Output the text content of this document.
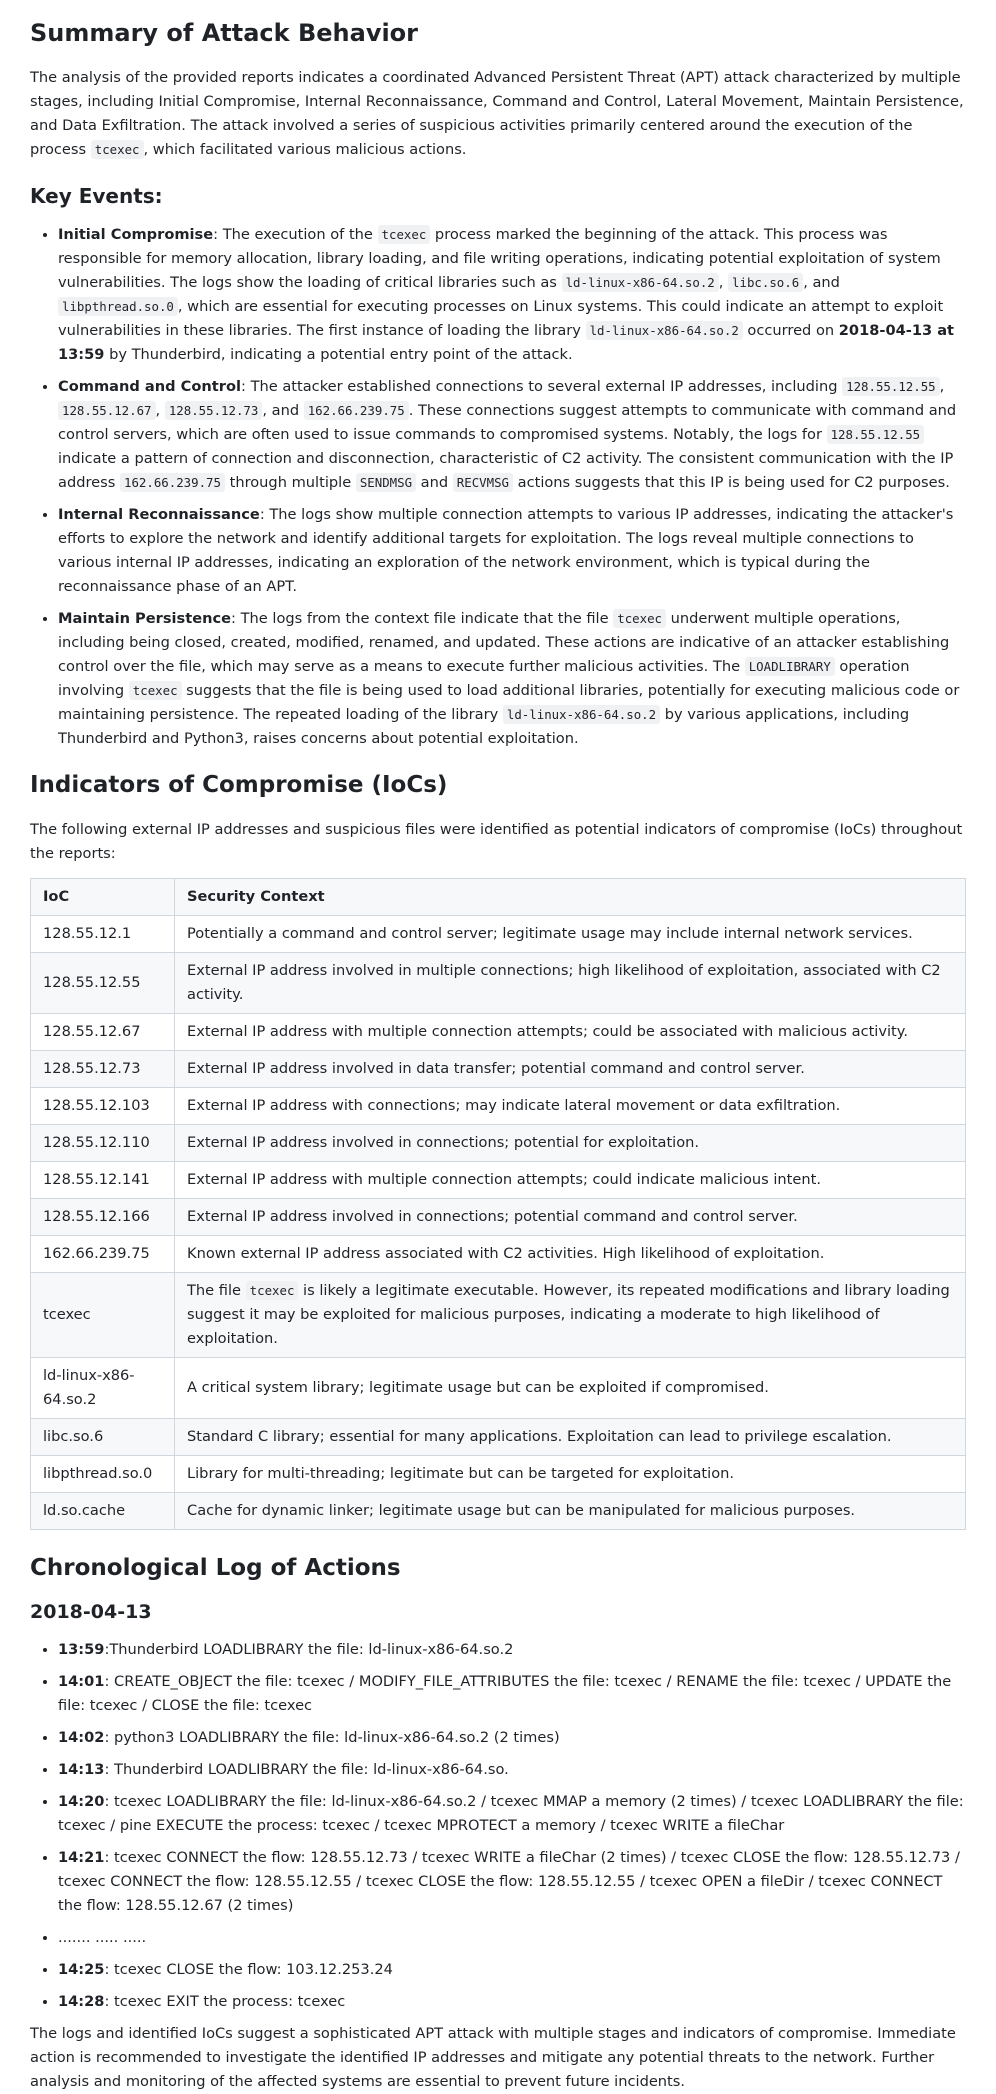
Summary of Attack Behavior

The analysis of the provided reports indicates a coordinated Advanced Persistent Threat (APT) attack characterized by multiple stages, including Initial Compromise, Internal Reconnaissance, Command and Control, Lateral Movement, Maintain Persistence, and Data Exfiltration. The attack involved a series of suspicious activities primarily centered around the execution of the process tcexec , which facilitated various malicious actions.

Key Events:
• Initial Compromise: The execution of the tcexec process marked the beginning of the attack. This process was responsible for memory allocation, library loading, and file writing operations, indicating potential exploitation of system vulnerabilities. The logs show the loading of critical libraries such as ld-linux-x86-64.so.2 , libc.so.6 , and libpthread.so.0 , which are essential for executing processes on Linux systems. This could indicate an attempt to exploit vulnerabilities in these libraries. The first instance of loading the library ld-linux-x86-64.so.2 occurred on 2018-04-13 at 13:59 by Thunderbird, indicating a potential entry point of the attack.
• Command and Control: The attacker established connections to several external IP addresses, including 128.55.12.55 , 128.55.12.67 , 128.55.12.73 , and 162.66.239.75 . These connections suggest attempts to communicate with command and control servers, which are often used to issue commands to compromised systems. Notably, the logs for 128.55.12.55 indicate a pattern of connection and disconnection, characteristic of C2 activity. The consistent communication with the IP address 162.66.239.75 through multiple SENDMSG and RECVMSG actions suggests that this IP is being used for C2 purposes.
• Internal Reconnaissance: The logs show multiple connection attempts to various IP addresses, indicating the attacker's efforts to explore the network and identify additional targets for exploitation. The logs reveal multiple connections to various internal IP addresses, indicating an exploration of the network environment, which is typical during the reconnaissance phase of an APT.
• Maintain Persistence: The logs from the context file indicate that the file tcexec underwent multiple operations, including being closed, created, modified, renamed, and updated. These actions are indicative of an attacker establishing control over the file, which may serve as a means to execute further malicious activities. The LOADLIBRARY operation involving tcexec suggests that the file is being used to load additional libraries, potentially for executing malicious code or maintaining persistence. The repeated loading of the library ld-linux-x86-64.so.2 by various applications, including Thunderbird and Python3, raises concerns about potential exploitation.
Indicators of Compromise (IoCs)

The following external IP addresses and suspicious files were identified as potential indicators of compromise (IoCs) throughout the reports:

IoC	Security Context
128.55.12.1	Potentially a command and control server; legitimate usage may include internal network services.
128.55.12.55	External IP address involved in multiple connections; high likelihood of exploitation, associated with C2 activity.
128.55.12.67	External IP address with multiple connection attempts; could be associated with malicious activity.
128.55.12.73	External IP address involved in data transfer; potential command and control server.
128.55.12.103	External IP address with connections; may indicate lateral movement or data exfiltration.
128.55.12.110	External IP address involved in connections; potential for exploitation.
128.55.12.141	External IP address with multiple connection attempts; could indicate malicious intent.
128.55.12.166	External IP address involved in connections; potential command and control server.
162.66.239.75	Known external IP address associated with C2 activities. High likelihood of exploitation.
tcexec	The file tcexec is likely a legitimate executable. However, its repeated modifications and library loading suggest it may be exploited for malicious purposes, indicating a moderate to high likelihood of exploitation.
ld-linux-x86-64.so.2	A critical system library; legitimate usage but can be exploited if compromised.
libc.so.6	Standard C library; essential for many applications. Exploitation can lead to privilege escalation.
libpthread.so.0	Library for multi-threading; legitimate but can be targeted for exploitation.
ld.so.cache	Cache for dynamic linker; legitimate usage but can be manipulated for malicious purposes.
Chronological Log of Actions
2018-04-13
• 13:59:Thunderbird LOADLIBRARY the file: ld-linux-x86-64.so.2
• 14:01: CREATE_OBJECT the file: tcexec / MODIFY_FILE_ATTRIBUTES the file: tcexec / RENAME the file: tcexec / UPDATE the file: tcexec / CLOSE the file: tcexec
• 14:02: python3 LOADLIBRARY the file: ld-linux-x86-64.so.2 (2 times)
• 14:13: Thunderbird LOADLIBRARY the file: ld-linux-x86-64.so.
• 14:20: tcexec LOADLIBRARY the file: ld-linux-x86-64.so.2 / tcexec MMAP a memory (2 times) / tcexec LOADLIBRARY the file: tcexec / pine EXECUTE the process: tcexec / tcexec MPROTECT a memory / tcexec WRITE a fileChar
• 14:21: tcexec CONNECT the flow: 128.55.12.73 / tcexec WRITE a fileChar (2 times) / tcexec CLOSE the flow: 128.55.12.73 / tcexec CONNECT the flow: 128.55.12.55 / tcexec CLOSE the flow: 128.55.12.55 / tcexec OPEN a fileDir / tcexec CONNECT the flow: 128.55.12.67 (2 times)
• ....... ..... .....
• 14:25: tcexec CLOSE the flow: 103.12.253.24
• 14:28: tcexec EXIT the process: tcexec

The logs and identified IoCs suggest a sophisticated APT attack with multiple stages and indicators of compromise. Immediate action is recommended to investigate the identified IP addresses and mitigate any potential threats to the network. Further analysis and monitoring of the affected systems are essential to prevent future incidents.
